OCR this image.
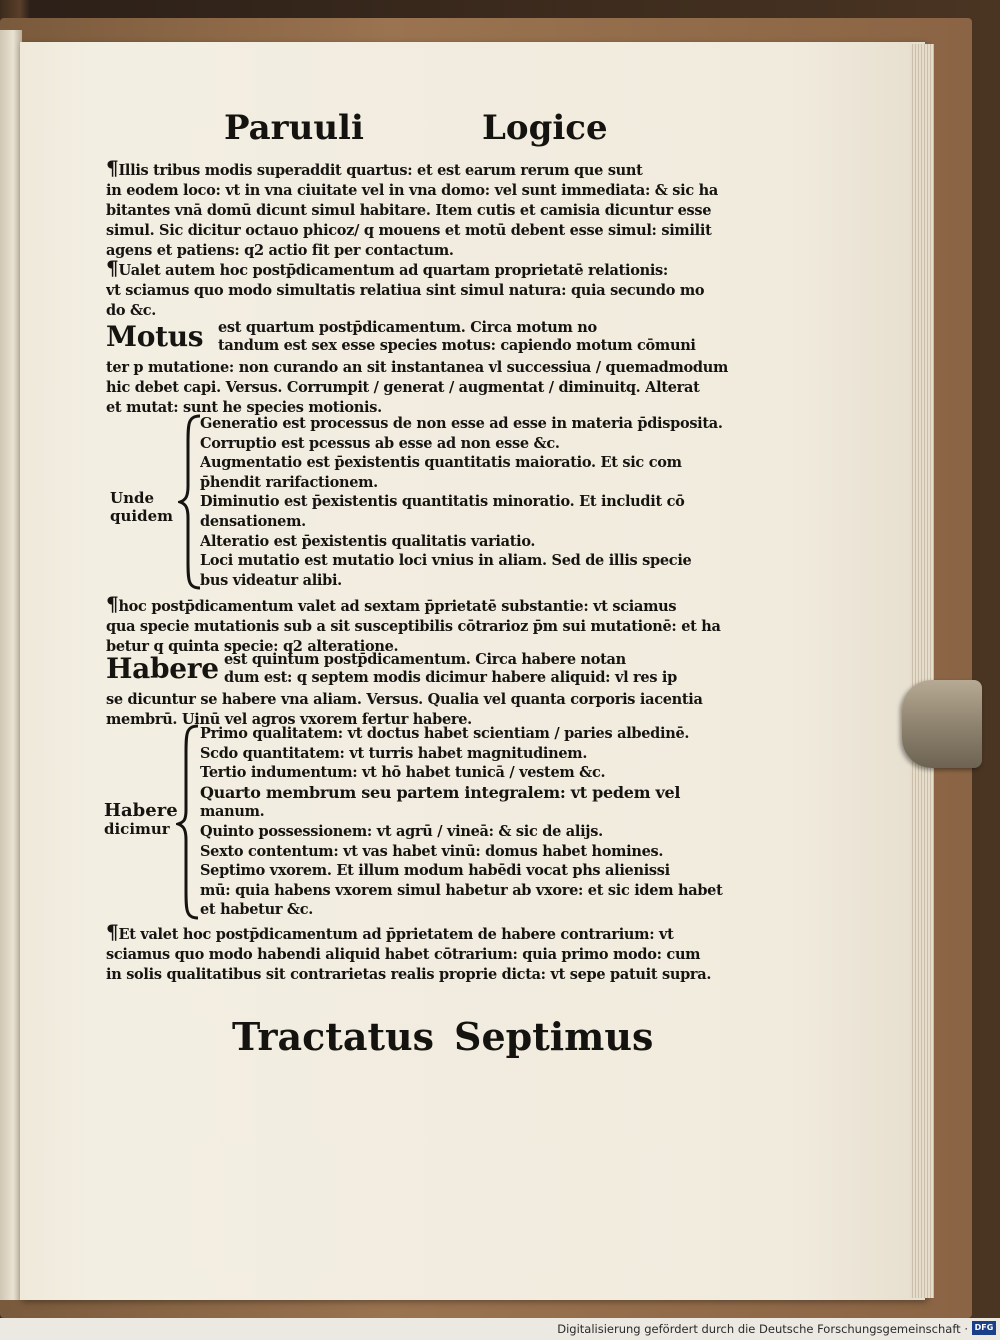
Paruuli	Logice
¶Illis tribus modis superaddit quartus: et est earum rerum que sunt
in eodem loco: vt in vna ciuitate vel in vna domo: vel sunt immediata: & sic ha
bitantes vnā domū dicunt simul habitare. Item cutis et camisia dicuntur esse
simul. Sic dicitur octauo phicoz/ q mouens et motū debent esse simul: similit
agens et patiens: q2 actio fit per contactum.
¶Ualet autem hoc postp̄dicamentum ad quartam proprietatē relationis:
vt sciamus quo modo simultatis relatiua sint simul natura: quia secundo mo
do &c.
Motus est quartum postp̄dicamentum. Circa motum no
tandum est sex esse species motus: capiendo motum cōmuni
ter p mutatione: non curando an sit instantanea vl successiua / quemadmodum
hic debet capi. Versus. Corrumpit / generat / augmentat / diminuitq. Alterat
et mutat: sunt he species motionis.
Unde
quidem
Generatio est processus de non esse ad esse in materia p̄disposita.
Corruptio est pcessus ab esse ad non esse &c.
Augmentatio est p̄existentis quantitatis maioratio. Et sic com
p̄hendit rarifactionem.
Diminutio est p̄existentis quantitatis minoratio. Et includit cō
densationem.
Alteratio est p̄existentis qualitatis variatio.
Loci mutatio est mutatio loci vnius in aliam. Sed de illis specie
bus videatur alibi.
¶hoc postp̄dicamentum valet ad sextam p̄prietatē substantie: vt sciamus
qua specie mutationis sub a sit susceptibilis cōtrarioz p̄m sui mutationē: et ha
betur q quinta specie: q2 alteratione.
Habere est quintum postp̄dicamentum. Circa habere notan
dum est: q septem modis dicimur habere aliquid: vl res ip
se dicuntur se habere vna aliam. Versus. Qualia vel quanta corporis iacentia
membrū. Uinū vel agros vxorem fertur habere.
Habere
dicimur
Primo qualitatem: vt doctus habet scientiam / paries albedinē.
Scdo quantitatem: vt turris habet magnitudinem.
Tertio indumentum: vt hō habet tunicā / vestem &c.
Quarto membrum seu partem integralem: vt pedem vel
manum.
Quinto possessionem: vt agrū / vineā: & sic de alijs.
Sexto contentum: vt vas habet vinū: domus habet homines.
Septimo vxorem. Et illum modum habēdi vocat phs alienissi
mū: quia habens vxorem simul habetur ab vxore: et sic idem habet
et habetur &c.
¶Et valet hoc postp̄dicamentum ad p̄prietatem de habere contrarium: vt
sciamus quo modo habendi aliquid habet cōtrarium: quia primo modo: cum
in solis qualitatibus sit contrarietas realis proprie dicta: vt sepe patuit supra.
Tractatus Septimus
Digitalisierung gefördert durch die Deutsche Forschungsgemeinschaft · DFG
